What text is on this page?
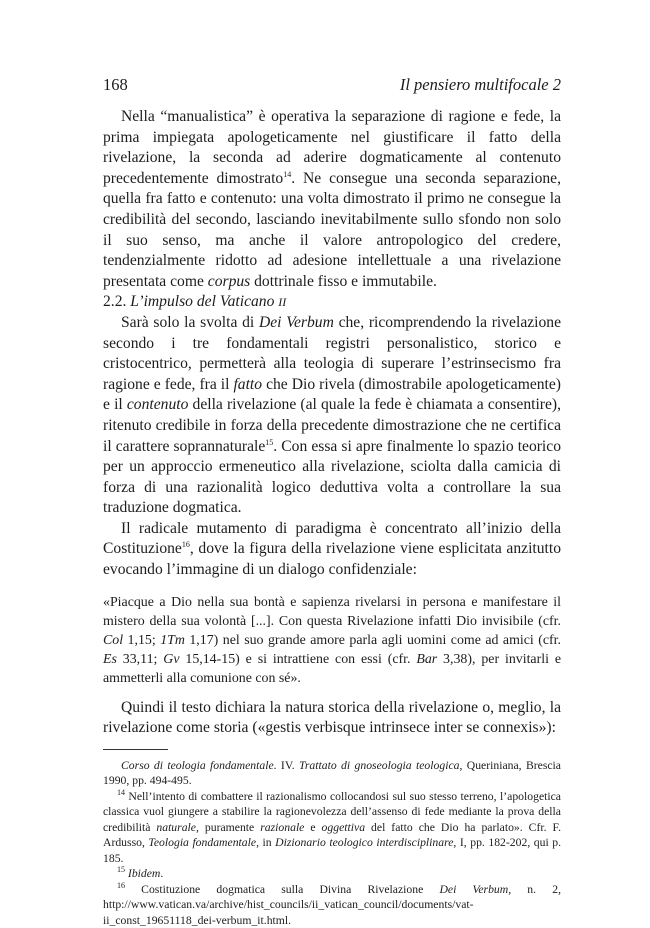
168	Il pensiero multifocale 2

Nella “manualistica” è operativa la separazione di ragione e fede, la prima impiegata apologeticamente nel giustificare il fatto della rivelazione, la seconda ad aderire dogmaticamente al contenuto precedentemente dimostrato$^{14}$. Ne consegue una seconda separazione, quella fra fatto e contenuto: una volta dimostrato il primo ne consegue la credibilità del secondo, lasciando inevitabilmente sullo sfondo non solo il suo senso, ma anche il valore antropologico del credere, tendenzialmente ridotto ad adesione intellettuale a una rivelazione presentata come corpus dottrinale fisso e immutabile.

2.2. L’impulso del Vaticano II

Sarà solo la svolta di Dei Verbum che, ricomprendendo la rivelazione secondo i tre fondamentali registri personalistico, storico e cristocentrico, permetterà alla teologia di superare l’estrinsecismo fra ragione e fede, fra il fatto che Dio rivela (dimostrabile apologeticamente) e il contenuto della rivelazione (al quale la fede è chiamata a consentire), ritenuto credibile in forza della precedente dimostrazione che ne certifica il carattere soprannaturale$^{15}$. Con essa si apre finalmente lo spazio teorico per un approccio ermeneutico alla rivelazione, sciolta dalla camicia di forza di una razionalità logico deduttiva volta a controllare la sua traduzione dogmatica.

Il radicale mutamento di paradigma è concentrato all’inizio della Costituzione$^{16}$, dove la figura della rivelazione viene esplicitata anzitutto evocando l’immagine di un dialogo confidenziale:

«Piacque a Dio nella sua bontà e sapienza rivelarsi in persona e manifestare il mistero della sua volontà [...]. Con questa Rivelazione infatti Dio invisibile (cfr. Col 1,15; 1Tm 1,17) nel suo grande amore parla agli uomini come ad amici (cfr. Es 33,11; Gv 15,14-15) e si intrattiene con essi (cfr. Bar 3,38), per invitarli e ammetterli alla comunione con sé».

Quindi il testo dichiara la natura storica della rivelazione o, meglio, la rivelazione come storia («gestis verbisque intrinsece inter se connexis»):

Corso di teologia fondamentale. IV. Trattato di gnoseologia teologica, Queriniana, Brescia 1990, pp. 494-495.

$^{14}$ Nell’intento di combattere il razionalismo collocandosi sul suo stesso terreno, l’apologetica classica vuol giungere a stabilire la ragionevolezza dell’assenso di fede mediante la prova della credibilità naturale, puramente razionale e oggettiva del fatto che Dio ha parlato». Cfr. F. Ardusso, Teologia fondamentale, in Dizionario teologico interdisciplinare, I, pp. 182-202, qui p. 185.

$^{15}$ Ibidem.

$^{16}$ Costituzione dogmatica sulla Divina Rivelazione Dei Verbum, n. 2, http://www.vatican.va/archive/hist_councils/ii_vatican_council/documents/vat-ii_const_19651118_dei-verbum_it.html.
